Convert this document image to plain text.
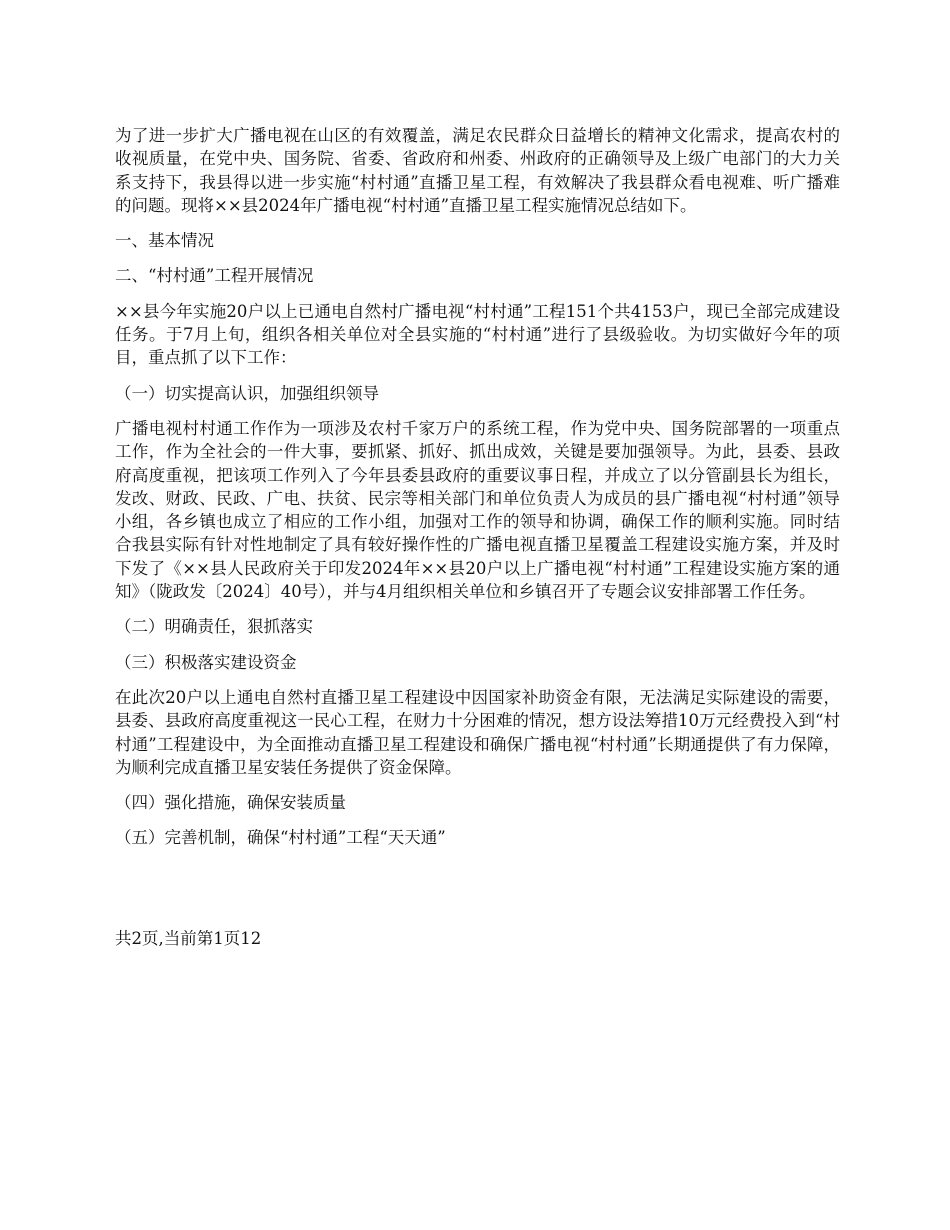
为了进一步扩大广播电视在山区的有效覆盖，满足农民群众日益增长的精神文化需求，提高农村的收视质量，在党中央、国务院、省委、省政府和州委、州政府的正确领导及上级广电部门的大力关系支持下，我县得以进一步实施“村村通”直播卫星工程，有效解决了我县群众看电视难、听广播难的问题。现将××县2024年广播电视“村村通”直播卫星工程实施情况总结如下。

一、基本情况

二、“村村通”工程开展情况

××县今年实施20户以上已通电自然村广播电视“村村通”工程151个共4153户，现已全部完成建设任务。于7月上旬，组织各相关单位对全县实施的“村村通”进行了县级验收。为切实做好今年的项目，重点抓了以下工作：

（一）切实提高认识，加强组织领导

广播电视村村通工作作为一项涉及农村千家万户的系统工程，作为党中央、国务院部署的一项重点工作，作为全社会的一件大事，要抓紧、抓好、抓出成效，关键是要加强领导。为此，县委、县政府高度重视，把该项工作列入了今年县委县政府的重要议事日程，并成立了以分管副县长为组长，发改、财政、民政、广电、扶贫、民宗等相关部门和单位负责人为成员的县广播电视“村村通”领导小组，各乡镇也成立了相应的工作小组，加强对工作的领导和协调，确保工作的顺利实施。同时结合我县实际有针对性地制定了具有较好操作性的广播电视直播卫星覆盖工程建设实施方案，并及时下发了《××县人民政府关于印发2024年××县20户以上广播电视“村村通”工程建设实施方案的通知》（陇政发〔2024〕40号），并与4月组织相关单位和乡镇召开了专题会议安排部署工作任务。

（二）明确责任，狠抓落实

（三）积极落实建设资金

在此次20户以上通电自然村直播卫星工程建设中因国家补助资金有限，无法满足实际建设的需要，县委、县政府高度重视这一民心工程，在财力十分困难的情况，想方设法筹措10万元经费投入到“村村通”工程建设中，为全面推动直播卫星工程建设和确保广播电视“村村通”长期通提供了有力保障，为顺利完成直播卫星安装任务提供了资金保障。

（四）强化措施，确保安装质量

（五）完善机制，确保“村村通”工程“天天通”

共2页,当前第1页12
